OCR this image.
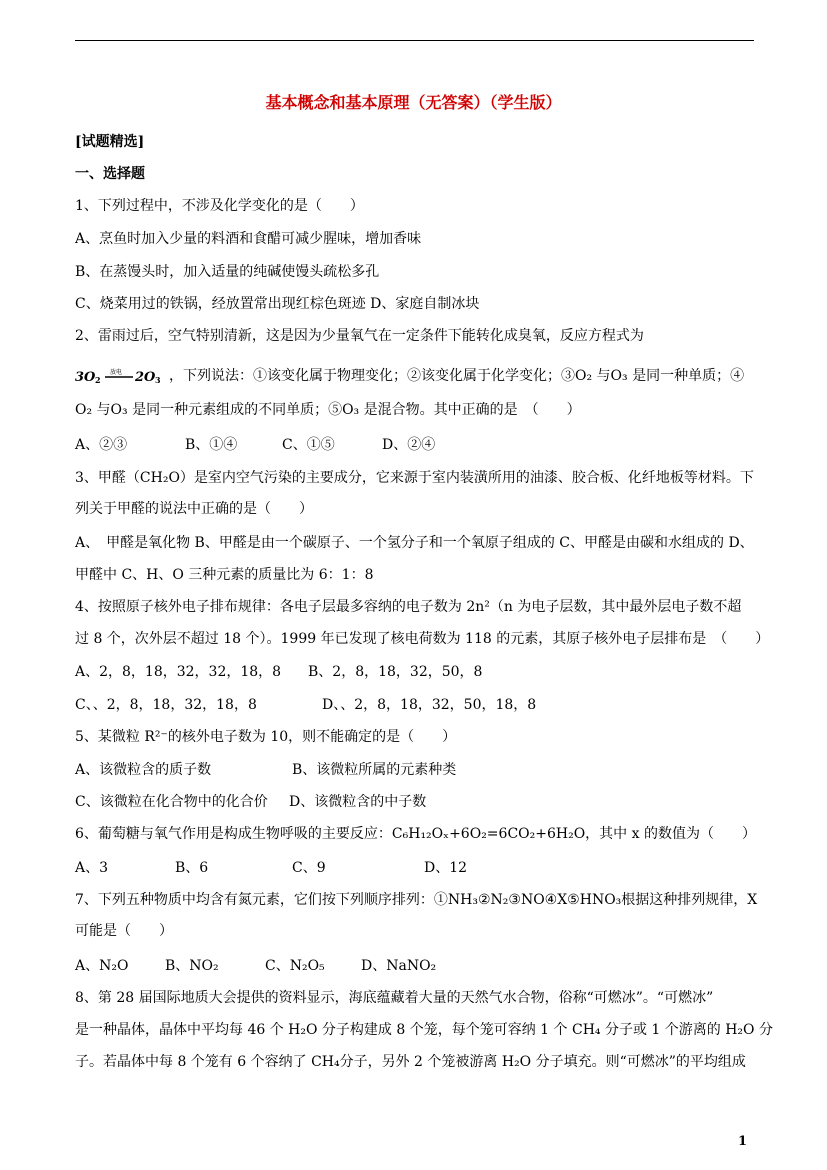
基本概念和基本原理（无答案）（学生版）
[试题精选]
一、选择题
1、下列过程中，不涉及化学变化的是（　　）
A、烹鱼时加入少量的料酒和食醋可减少腥味，增加香味
B、在蒸馒头时，加入适量的纯碱使馒头疏松多孔
C、烧菜用过的铁锅，经放置常出现红棕色斑迹 D、家庭自制冰块
2、雷雨过后，空气特别清新，这是因为少量氧气在一定条件下能转化成臭氧，反应方程式为
3O 2
放电 2O 3 ，下列说法：①该变化属于物理变化；②该变化属于化学变化；③O₂ 与O₃ 是同一种单质；④
O₂ 与O₃ 是同一种元素组成的不同单质；⑤O₃ 是混合物。其中正确的是　（　　）
A、②③	B、①④	C、①⑤	D、②④
3、甲醛（CH₂O）是室内空气污染的主要成分，它来源于室内装潢所用的油漆、胶合板、化纤地板等材料。下
列关于甲醛的说法中正确的是（　　）
A、　甲醛是氧化物 B、甲醛是由一个碳原子、一个氢分子和一个氧原子组成的 C、甲醛是由碳和水组成的 D、
甲醛中 C、H、O 三种元素的质量比为 6：1：8
4、按照原子核外电子排布规律：各电子层最多容纳的电子数为 2n²（n 为电子层数，其中最外层电子数不超
过 8 个，次外层不超过 18 个）。1999 年已发现了核电荷数为 118 的元素，其原子核外电子层排布是　（　　）
A、2，8，18，32，32，18，8 B、2，8，18，32，50，8
C、、2，8，18，32，18，8	D、、2，8，18，32，50，18，8
5、某微粒 R²⁻的核外电子数为 10，则不能确定的是（　　）
A、该微粒含的质子数	B、该微粒所属的元素种类
C、该微粒在化合物中的化合价 D、该微粒含的中子数
6、葡萄糖与氧气作用是构成生物呼吸的主要反应：C₆H₁₂Oₓ+6O₂=6CO₂+6H₂O，其中 x 的数值为（　　）
A、3	B、6	C、9	D、12
7、下列五种物质中均含有氮元素，它们按下列顺序排列：①NH₃②N₂③NO④X⑤HNO₃根据这种排列规律，X
可能是（　　）
A、N₂O	B、NO₂	C、N₂O₅	D、NaNO₂
8、第 28 届国际地质大会提供的资料显示，海底蕴藏着大量的天然气水合物，俗称“可燃冰”。“可燃冰”
是一种晶体，晶体中平均每 46 个 H₂O 分子构建成 8 个笼，每个笼可容纳 1 个 CH₄ 分子或 1 个游离的 H₂O 分
子。若晶体中每 8 个笼有 6 个容纳了 CH₄分子，另外 2 个笼被游离 H₂O 分子填充。则“可燃冰”的平均组成
1
